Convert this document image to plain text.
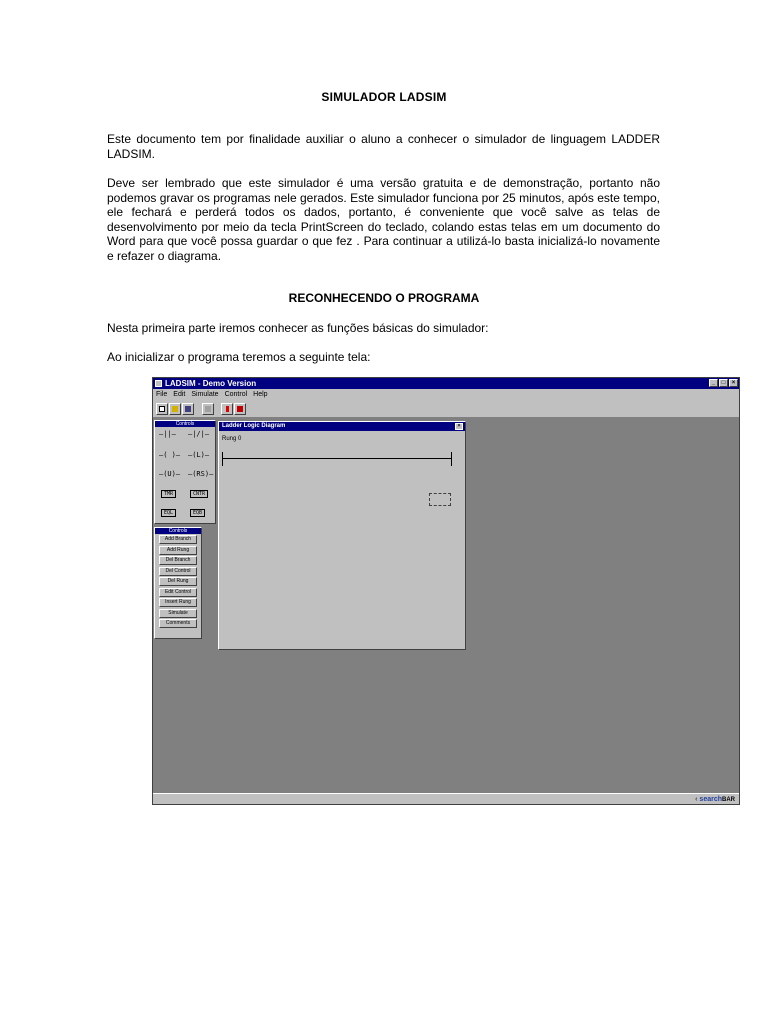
SIMULADOR LADSIM
Este documento tem por finalidade auxiliar o aluno a conhecer o simulador de linguagem LADDER LADSIM.
Deve ser lembrado que este simulador é uma versão gratuita e de demonstração, portanto não podemos gravar os programas nele gerados. Este simulador funciona por 25 minutos, após este tempo, ele fechará e perderá todos os dados, portanto, é conveniente que você salve as telas de desenvolvimento por meio da tecla PrintScreen do teclado, colando estas telas em um documento do Word para que você possa guardar o que fez . Para continuar a utilizá-lo basta inicializá-lo novamente e refazer o diagrama.
RECONHECENDO O PROGRAMA
Nesta primeira parte iremos conhecer as funções básicas do simulador:
Ao inicializar o programa teremos a seguinte tela:
LADSIM - Demo Version	_	□	×
File Edit Simulate Control Help
Controls
—||— —|/|—
—( )— —(L)—
—(U)— —(RS)—
TMR	CNTR
EQL	EQB
Controls
Add Branch
Add Rung
Del Branch
Del Control
Del Rung
Edit Control
Insert Rung
Simulate
Comments
Ladder Logic Diagram	×
Rung 0
‹ searchBAR
